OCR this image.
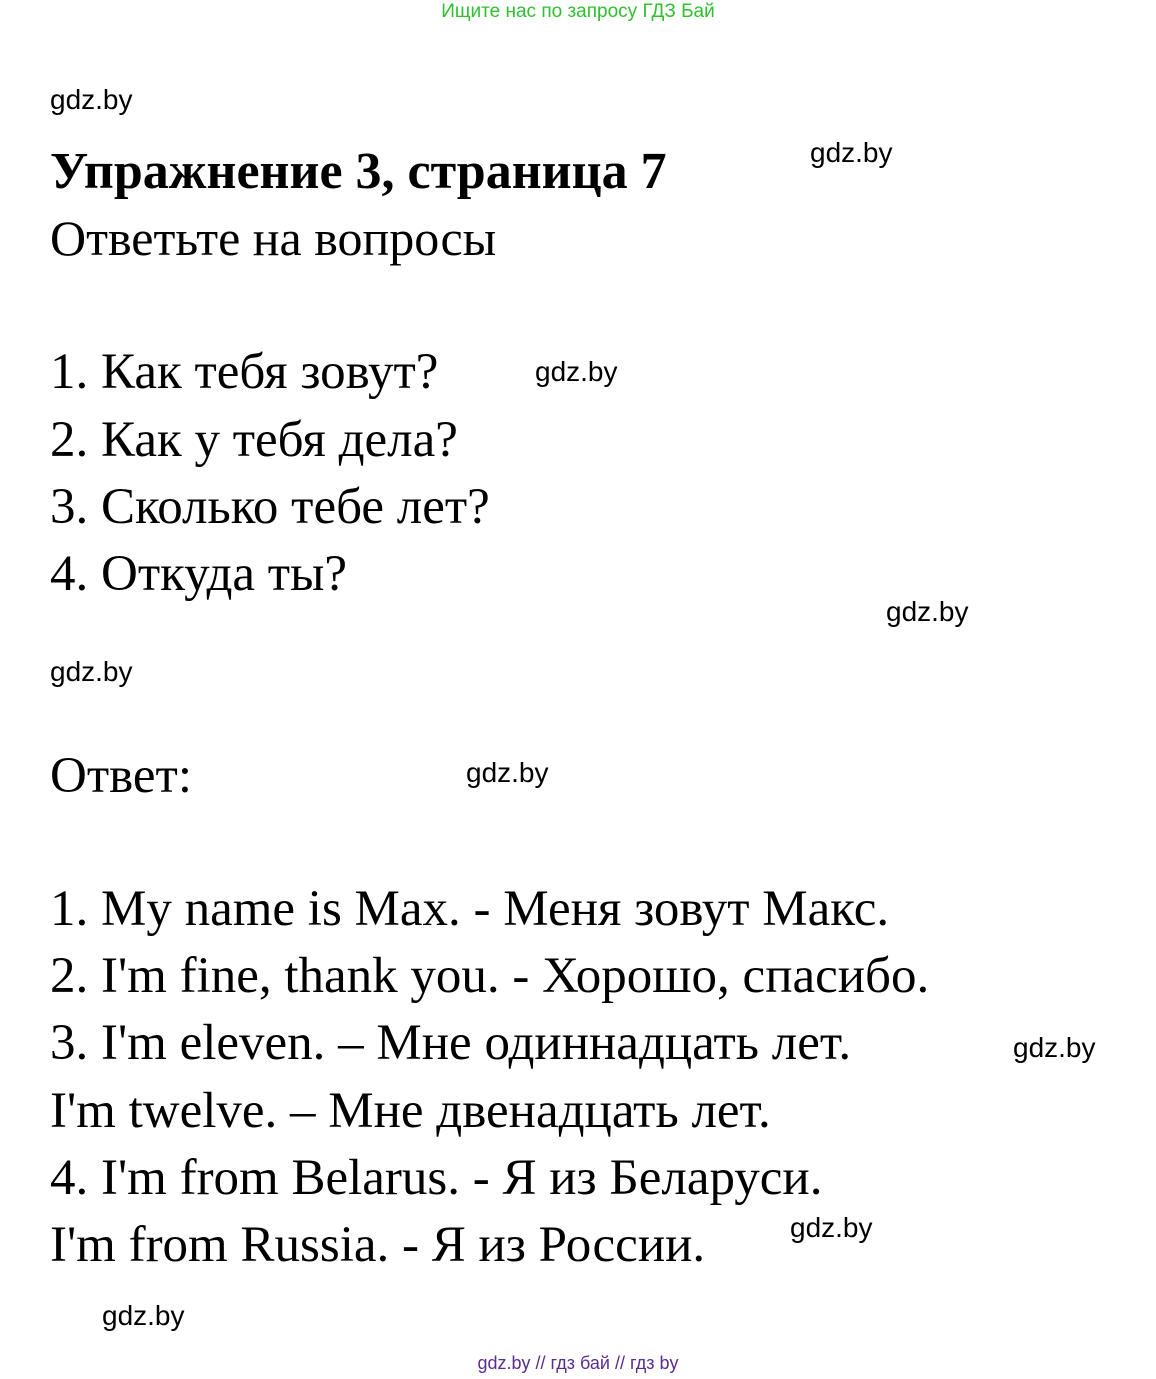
Ищите нас по запросу ГДЗ Бай
gdz.by
gdz.by
Упражнение 3, страница 7
Ответьте на вопросы
1. Как тебя зовут?	gdz.by
2. Как у тебя дела?
3. Сколько тебе лет?
4. Откуда ты?
gdz.by
gdz.by
Ответ:	gdz.by
1. My name is Max. - Меня зовут Макс.
2. I'm fine, thank you. - Хорошо, спасибо.
3. I'm eleven. – Мне одиннадцать лет.	gdz.by
I'm twelve. – Мне двенадцать лет.
4. I'm from Belarus. - Я из Беларуси.
I'm from Russia. - Я из России.	gdz.by
gdz.by
gdz.by // гдз бай // гдз by
